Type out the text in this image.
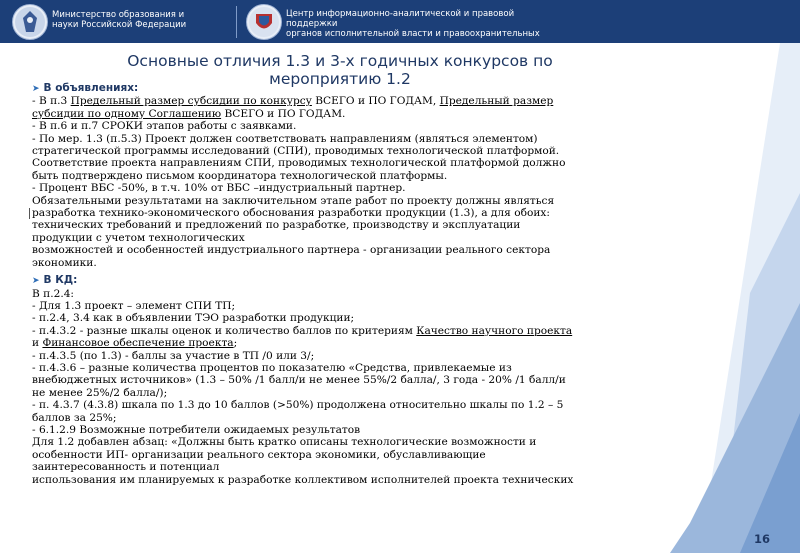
Министерство образования и
науки Российской Федерации
Центр информационно-аналитической и правовой
поддержки
органов исполнительной власти и правоохранительных
Основные отличия 1.3 и 3-х годичных конкурсов по
мероприятию 1.2
➤ В объявлениях:
- В п.3 Предельный размер субсидии по конкурсу ВСЕГО и ПО ГОДАМ, Предельный размер
субсидии по одному Соглашению ВСЕГО и ПО ГОДАМ.
- В п.6 и п.7 СРОКИ этапов работы с заявками.
- По мер. 1.3 (п.5.3) Проект должен соответствовать направлениям (являться элементом)
стратегической программы исследований (СПИ), проводимых технологической платформой.
Соответствие проекта направлениям СПИ, проводимых технологической платформой должно
быть подтверждено письмом координатора технологической платформы.
- Процент ВБС -50%, в т.ч. 10% от ВБС –индустриальный партнер.
Обязательными результатами на заключительном этапе работ по проекту должны являться
разработка технико-экономического обоснования разработки продукции (1.3), а для обоих:
технических требований и предложений по разработке, производству и эксплуатации
продукции с учетом технологических
возможностей и особенностей индустриального партнера - организации реального сектора
экономики.
➤ В КД:
В п.2.4:
- Для 1.3 проект – элемент СПИ ТП;
- п.2.4, 3.4 как в объявлении ТЭО разработки продукции;
- п.4.3.2 - разные шкалы оценок и количество баллов по критериям Качество научного проекта
и Финансовое обеспечение проекта;
- п.4.3.5 (по 1.3) - баллы за участие в ТП /0 или 3/;
- п.4.3.6 – разные количества процентов по показателю «Средства, привлекаемые из
внебюджетных источников» (1.3 – 50% /1 балл/и не менее 55%/2 балла/, 3 года - 20% /1 балл/и
не менее 25%/2 балла/);
- п. 4.3.7 (4.3.8) шкала по 1.3 до 10 баллов (>50%) продолжена относительно шкалы по 1.2 – 5
баллов за 25%;
- 6.1.2.9 Возможные потребители ожидаемых результатов
Для 1.2 добавлен абзац: «Должны быть кратко описаны технологические возможности и
особенности ИП- организации реального сектора экономики, обуславливающие
заинтересованность и потенциал
использования им планируемых к разработке коллективом исполнителей проекта технических
16
